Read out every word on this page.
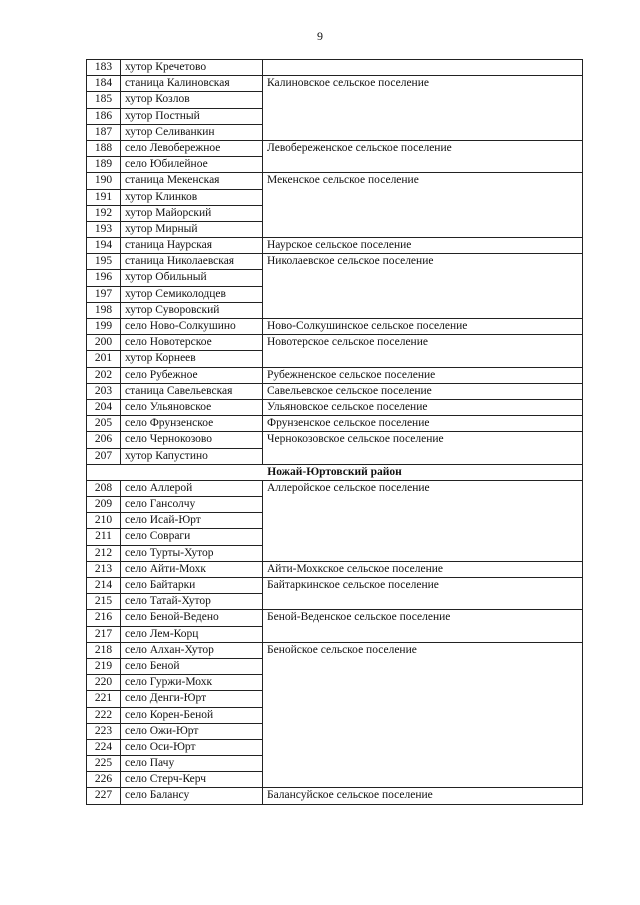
9
183	хутор Кречетово	
184	станица Калиновская	Калиновское сельское поселение
185	хутор Козлов	
186	хутор Постный	
187	хутор Селиванкин	
188	село Левобережное	Левобереженское сельское поселение
189	село Юбилейное	
190	станица Мекенская	Мекенское сельское поселение
191	хутор Клинков	
192	хутор Майорский	
193	хутор Мирный	
194	станица Наурская	Наурское сельское поселение
195	станица Николаевская	Николаевское сельское поселение
196	хутор Обильный	
197	хутор Семиколодцев	
198	хутор Суворовский	
199	село Ново-Солкушино	Ново-Солкушинское сельское поселение
200	село Новотерское	Новотерское сельское поселение
201	хутор Корнеев	
202	село Рубежное	Рубежненское сельское поселение
203	станица Савельевская	Савельевское сельское поселение
204	село Ульяновское	Ульяновское сельское поселение
205	село Фрунзенское	Фрунзенское сельское поселение
206	село Чернокозово	Чернокозовское сельское поселение
207	хутор Капустино	
Ножай-Юртовский район		
208	село Аллерой	Аллеройское сельское поселение
209	село Гансолчу	
210	село Исай-Юрт	
211	село Совраги	
212	село Турты-Хутор	
213	село Айти-Мохк	Айти-Мохкское сельское поселение
214	село Байтарки	Байтаркинское сельское поселение
215	село Татай-Хутор	
216	село Беной-Ведено	Беной-Веденское сельское поселение
217	село Лем-Корц	
218	село Алхан-Хутор	Бенойское сельское поселение
219	село Беной	
220	село Гуржи-Мохк	
221	село Денги-Юрт	
222	село Корен-Беной	
223	село Ожи-Юрт	
224	село Оси-Юрт	
225	село Пачу	
226	село Стерч-Керч	
227	село Балансу	Балансуйское сельское поселение
